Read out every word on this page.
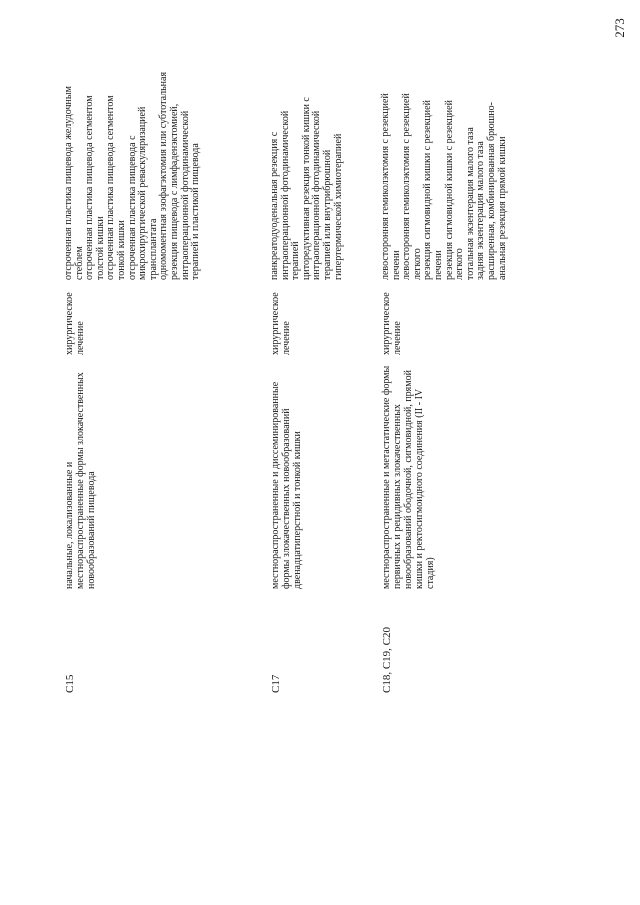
273
C15
начальные, локализованные и местнораспространенные формы злокачественных новообразований пищевода
хирургическое лечение
отсроченная пластика пищевода желудочным стеблем отсроченная пластика пищевода сегментом толстой кишки отсроченная пластика пищевода сегментом тонкой кишки отсроченная пластика пищевода с микрохирургической реваскуляризацией трансплантата одномоментная эзофагэктомия или субтотальная резекция пищевода с лимфаденэктомией, интраоперационной фотодинамической терапией и пластикой пищевода
C17
местнораспространенные и диссеминированные формы злокачественных новообразований двенадцатиперстной и тонкой кишки
хирургическое лечение
панкреатодуоденальная резекция с интраоперационной фотодинамической терапией циторедуктивная резекция тонкой кишки с интраоперационной фотодинамической терапией или внутрибрюшной гипертермической химиотерапией
C18, C19, C20
местнораспространенные и метастатические формы первичных и рецидивных злокачественных новообразований ободочной, сигмовидной, прямой кишки и ректосигмоидного соединения (II - IV стадия)
хирургическое лечение
левосторонняя гемиколэктомия с резекцией печени левосторонняя гемиколэктомия с резекцией легкого резекция сигмовидной кишки с резекцией печени резекция сигмовидной кишки с резекцией легкого тотальная экзентерация малого таза задняя экзентерация малого таза расширенная, комбинированная брюшно-анальная резекция прямой кишки
